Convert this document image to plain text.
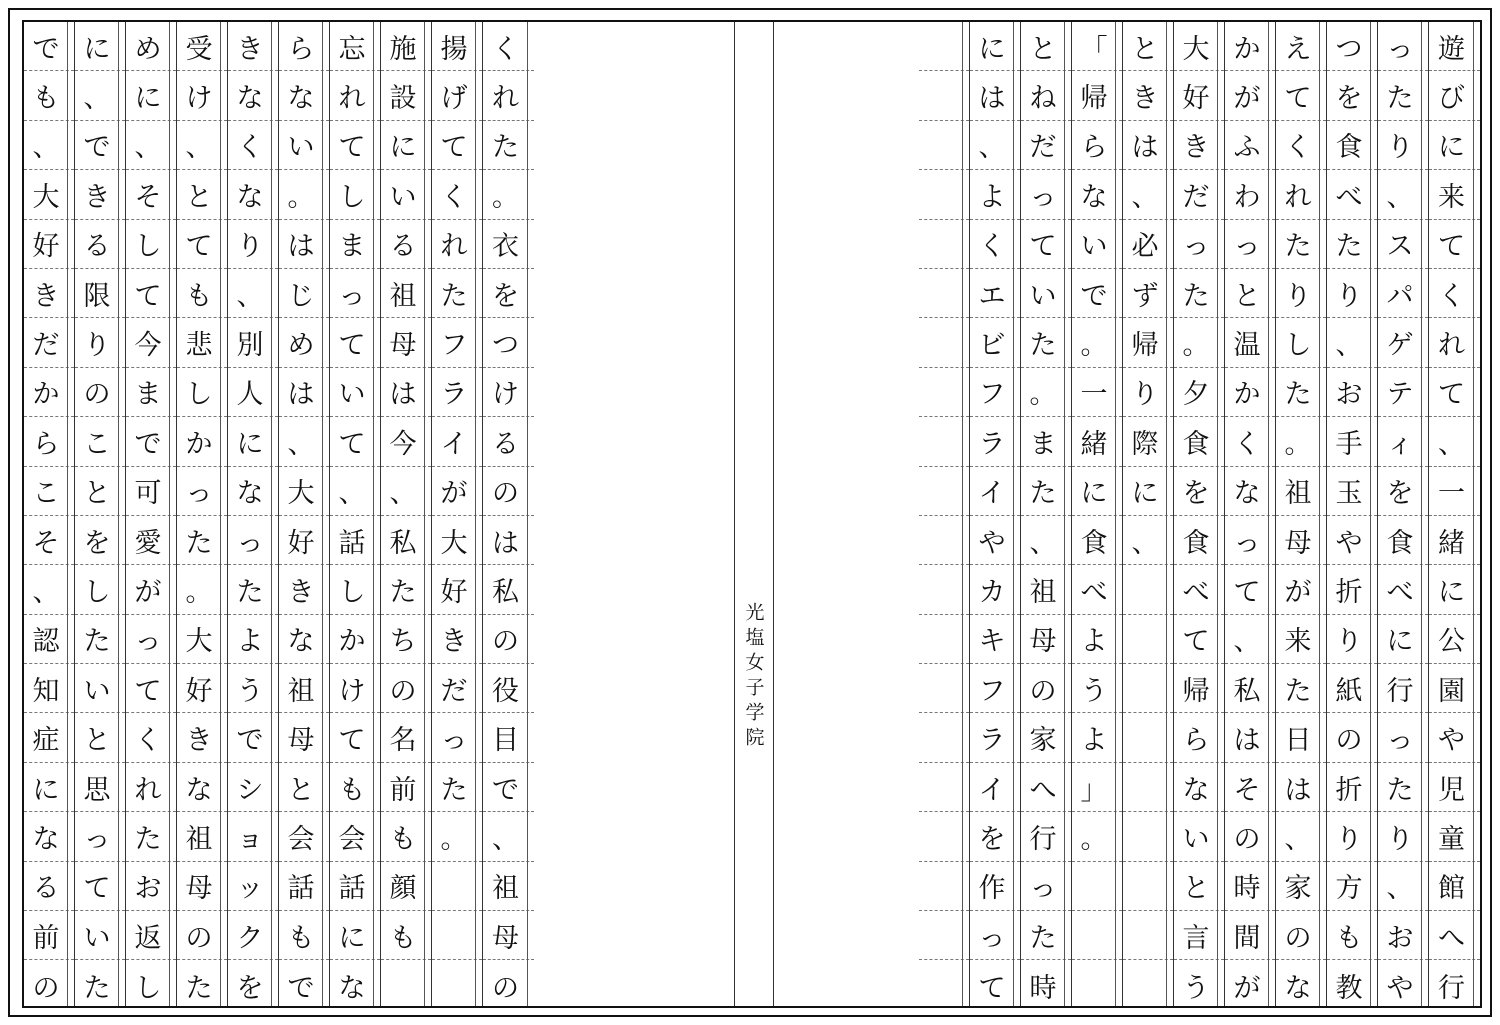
で
も
、
大
好
き
だ
か
ら
こ
そ
、
認
知
症
に
な
る
前
の
に
、
で
き
る
限
り
の
こ
と
を
し
た
い
と
思
っ
て
い
た
め
に
、
そ
し
て
今
ま
で
可
愛
が
っ
て
く
れ
た
お
返
し
受
け
、
と
て
も
悲
し
か
っ
た
。
大
好
き
な
祖
母
の
た
き
な
く
な
り
、
別
人
に
な
っ
た
よ
う
で
シ
ョ
ッ
ク
を
ら
な
い
。
は
じ
め
は
、
大
好
き
な
祖
母
と
会
話
も
で
忘
れ
て
し
ま
っ
て
い
て
、
話
し
か
け
て
も
会
話
に
な
施
設
に
い
る
祖
母
は
今
、
私
た
ち
の
名
前
も
顔
も
揚
げ
て
く
れ
た
フ
ラ
イ
が
大
好
き
だ
っ
た
。
く
れ
た
。
衣
を
つ
け
る
の
は
私
の
役
目
で
、
祖
母
の
光塩女子学院
に
は
、
よ
く
エ
ビ
フ
ラ
イ
や
カ
キ
フ
ラ
イ
を
作
っ
て
と
ね
だ
っ
て
い
た
。
ま
た
、
祖
母
の
家
へ
行
っ
た
時
「
帰
ら
な
い
で
。
一
緒
に
食
べ
よ
う
よ
」
。
と
き
は
、
必
ず
帰
り
際
に
、
大
好
き
だ
っ
た
。
夕
食
を
食
べ
て
帰
ら
な
い
と
言
う
か
が
ふ
わ
っ
と
温
か
く
な
っ
て
、
私
は
そ
の
時
間
が
え
て
く
れ
た
り
し
た
。
祖
母
が
来
た
日
は
、
家
の
な
つ
を
食
べ
た
り
、
お
手
玉
や
折
り
紙
の
折
り
方
も
教
っ
た
り
、
ス
パ
ゲ
テ
ィ
を
食
べ
に
行
っ
た
り
、
お
や
遊
び
に
来
て
く
れ
て
、
一
緒
に
公
園
や
児
童
館
へ
行
